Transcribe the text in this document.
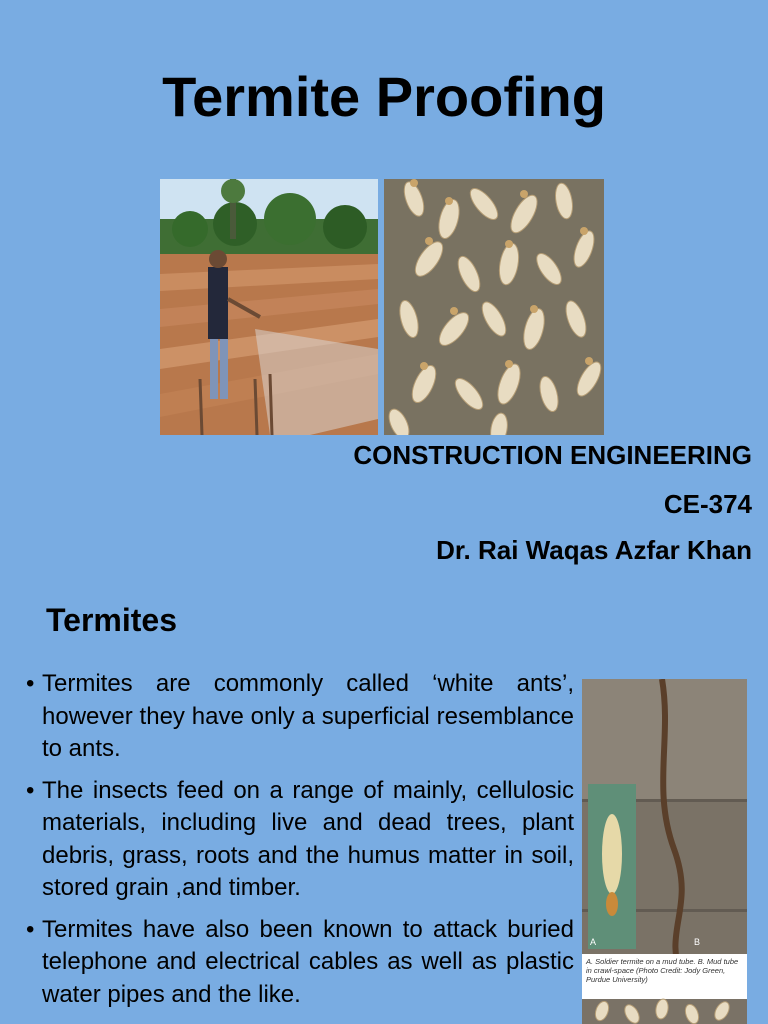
Termite Proofing
CONSTRUCTION ENGINEERING
CE-374
Dr. Rai Waqas Azfar Khan
Termites
• Termites are commonly called ‘white ants’, however they have only a superficial resemblance to ants.
• The insects feed on a range of mainly, cellulosic materials, including live and dead trees, plant debris, grass, roots and the humus matter in soil, stored grain ,and timber.
• Termites have also been known to attack buried telephone and electrical cables as well as plastic water pipes and the like.
A	B
A. Soldier termite on a mud tube. B. Mud tube in crawl-space (Photo Credit: Jody Green, Purdue University)
